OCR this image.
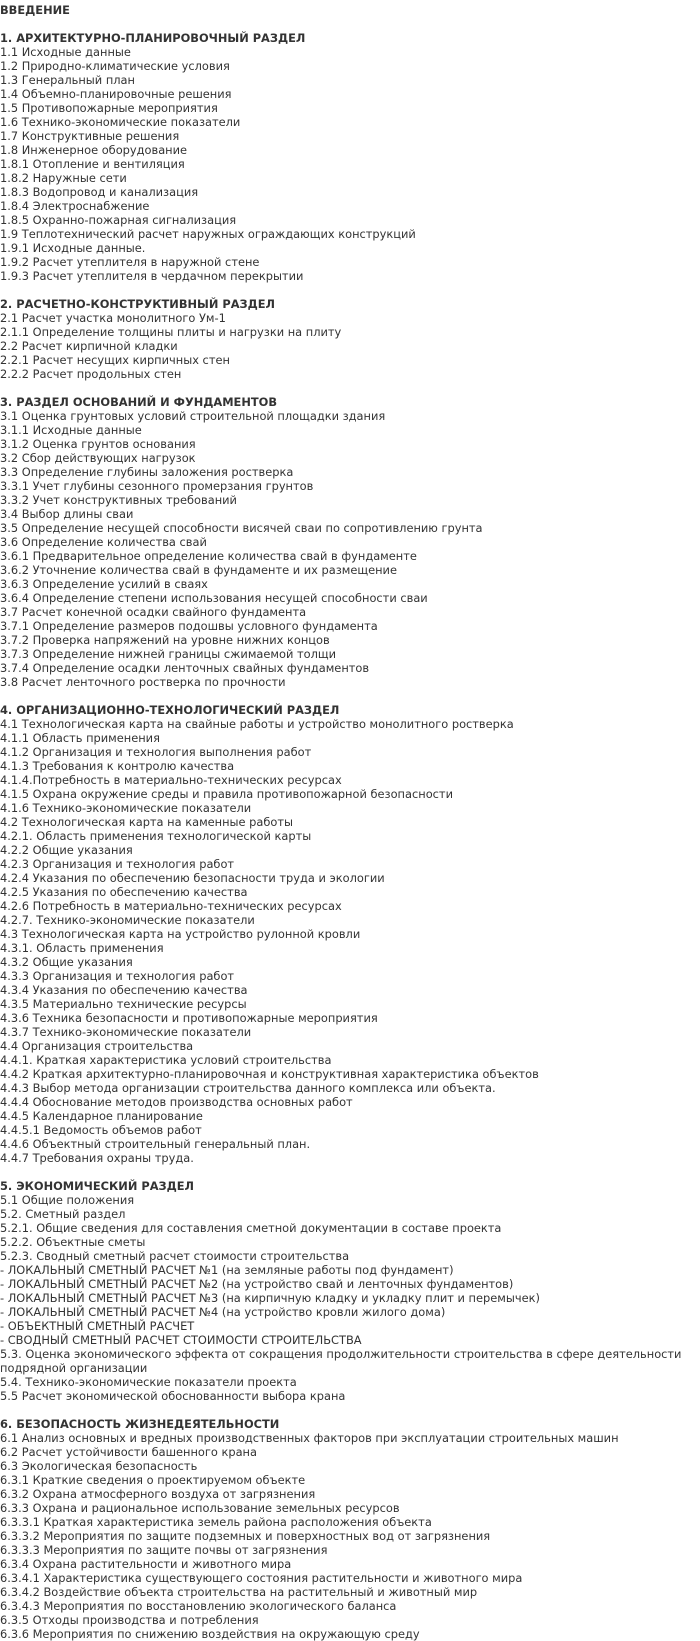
ВВЕДЕНИЕ
1. АРХИТЕКТУРНО-ПЛАНИРОВОЧНЫЙ РАЗДЕЛ
1.1 Исходные данные
1.2 Природно-климатические условия
1.3 Генеральный план
1.4 Объемно-планировочные решения
1.5 Противопожарные мероприятия
1.6 Технико-экономические показатели
1.7 Конструктивные решения
1.8 Инженерное оборудование
1.8.1 Отопление и вентиляция
1.8.2 Наружные сети
1.8.3 Водопровод и канализация
1.8.4 Электроснабжение
1.8.5 Охранно-пожарная сигнализация
1.9 Теплотехнический расчет наружных ограждающих конструкций
1.9.1 Исходные данные.
1.9.2 Расчет утеплителя в наружной стене
1.9.3 Расчет утеплителя в чердачном перекрытии
2. РАСЧЕТНО-КОНСТРУКТИВНЫЙ РАЗДЕЛ
2.1 Расчет участка монолитного Ум-1
2.1.1 Определение толщины плиты и нагрузки на плиту
2.2 Расчет кирпичной кладки
2.2.1 Расчет несущих кирпичных стен
2.2.2 Расчет продольных стен
3. РАЗДЕЛ ОСНОВАНИЙ И ФУНДАМЕНТОВ
3.1 Оценка грунтовых условий строительной площадки здания
3.1.1 Исходные данные
3.1.2 Оценка грунтов основания
3.2 Сбор действующих нагрузок
3.3 Определение глубины заложения ростверка
3.3.1 Учет глубины сезонного промерзания грунтов
3.3.2 Учет конструктивных требований
3.4 Выбор длины сваи
3.5 Определение несущей способности висячей сваи по сопротивлению грунта
3.6 Определение количества свай
3.6.1 Предварительное определение количества свай в фундаменте
3.6.2 Уточнение количества свай в фундаменте и их размещение
3.6.3 Определение усилий в сваях
3.6.4 Определение степени использования несущей способности сваи
3.7 Расчет конечной осадки свайного фундамента
3.7.1 Определение размеров подошвы условного фундамента
3.7.2 Проверка напряжений на уровне нижних концов
3.7.3 Определение нижней границы сжимаемой толщи
3.7.4 Определение осадки ленточных свайных фундаментов
3.8 Расчет ленточного ростверка по прочности
4. ОРГАНИЗАЦИОННО-ТЕХНОЛОГИЧЕСКИЙ РАЗДЕЛ
4.1 Технологическая карта на свайные работы и устройство монолитного ростверка
4.1.1 Область применения
4.1.2 Организация и технология выполнения работ
4.1.3 Требования к контролю качества
4.1.4.Потребность в материально-технических ресурсах
4.1.5 Охрана окружение среды и правила противопожарной безопасности
4.1.6 Технико-экономические показатели
4.2 Технологическая карта на каменные работы
4.2.1. Область применения технологической карты
4.2.2 Общие указания
4.2.3 Организация и технология работ
4.2.4 Указания по обеспечению безопасности труда и экологии
4.2.5 Указания по обеспечению качества
4.2.6 Потребность в материально-технических ресурсах
4.2.7. Технико-экономические показатели
4.3 Технологическая карта на устройство рулонной кровли
4.3.1. Область применения
4.3.2 Общие указания
4.3.3 Организация и технология работ
4.3.4 Указания по обеспечению качества
4.3.5 Материально технические ресурсы
4.3.6 Техника безопасности и противопожарные мероприятия
4.3.7 Технико-экономические показатели
4.4 Организация строительства
4.4.1. Краткая характеристика условий строительства
4.4.2 Краткая архитектурно-планировочная и конструктивная характеристика объектов
4.4.3 Выбор метода организации строительства данного комплекса или объекта.
4.4.4 Обоснование методов производства основных работ
4.4.5 Календарное планирование
4.4.5.1 Ведомость объемов работ
4.4.6 Объектный строительный генеральный план.
4.4.7 Требования охраны труда.
5. ЭКОНОМИЧЕСКИЙ РАЗДЕЛ
5.1 Общие положения
5.2. Сметный раздел
5.2.1. Общие сведения для составления сметной документации в составе проекта
5.2.2. Объектные сметы
5.2.3. Сводный сметный расчет стоимости строительства
- ЛОКАЛЬНЫЙ СМЕТНЫЙ РАСЧЕТ №1 (на земляные работы под фундамент)
- ЛОКАЛЬНЫЙ СМЕТНЫЙ РАСЧЕТ №2 (на устройство свай и ленточных фундаментов)
- ЛОКАЛЬНЫЙ СМЕТНЫЙ РАСЧЕТ №3 (на кирпичную кладку и укладку плит и перемычек)
- ЛОКАЛЬНЫЙ СМЕТНЫЙ РАСЧЕТ №4 (на устройство кровли жилого дома)
- ОБЪЕКТНЫЙ СМЕТНЫЙ РАСЧЕТ
- СВОДНЫЙ СМЕТНЫЙ РАСЧЕТ СТОИМОСТИ СТРОИТЕЛЬСТВА
5.3. Оценка экономического эффекта от сокращения продолжительности строительства в сфере деятельности подрядной организации
5.4. Технико-экономические показатели проекта
5.5 Расчет экономической обоснованности выбора крана
6. БЕЗОПАСНОСТЬ ЖИЗНЕДЕЯТЕЛЬНОСТИ
6.1 Анализ основных и вредных производственных факторов при эксплуатации строительных машин
6.2 Расчет устойчивости башенного крана
6.3 Экологическая безопасность
6.3.1 Краткие сведения о проектируемом объекте
6.3.2 Охрана атмосферного воздуха от загрязнения
6.3.3 Охрана и рациональное использование земельных ресурсов
6.3.3.1 Краткая характеристика земель района расположения объекта
6.3.3.2 Мероприятия по защите подземных и поверхностных вод от загрязнения
6.3.3.3 Мероприятия по защите почвы от загрязнения
6.3.4 Охрана растительности и животного мира
6.3.4.1 Характеристика существующего состояния растительности и животного мира
6.3.4.2 Воздействие объекта строительства на растительный и животный мир
6.3.4.3 Мероприятия по восстановлению экологического баланса
6.3.5 Отходы производства и потребления
6.3.6 Мероприятия по снижению воздействия на окружающую среду
